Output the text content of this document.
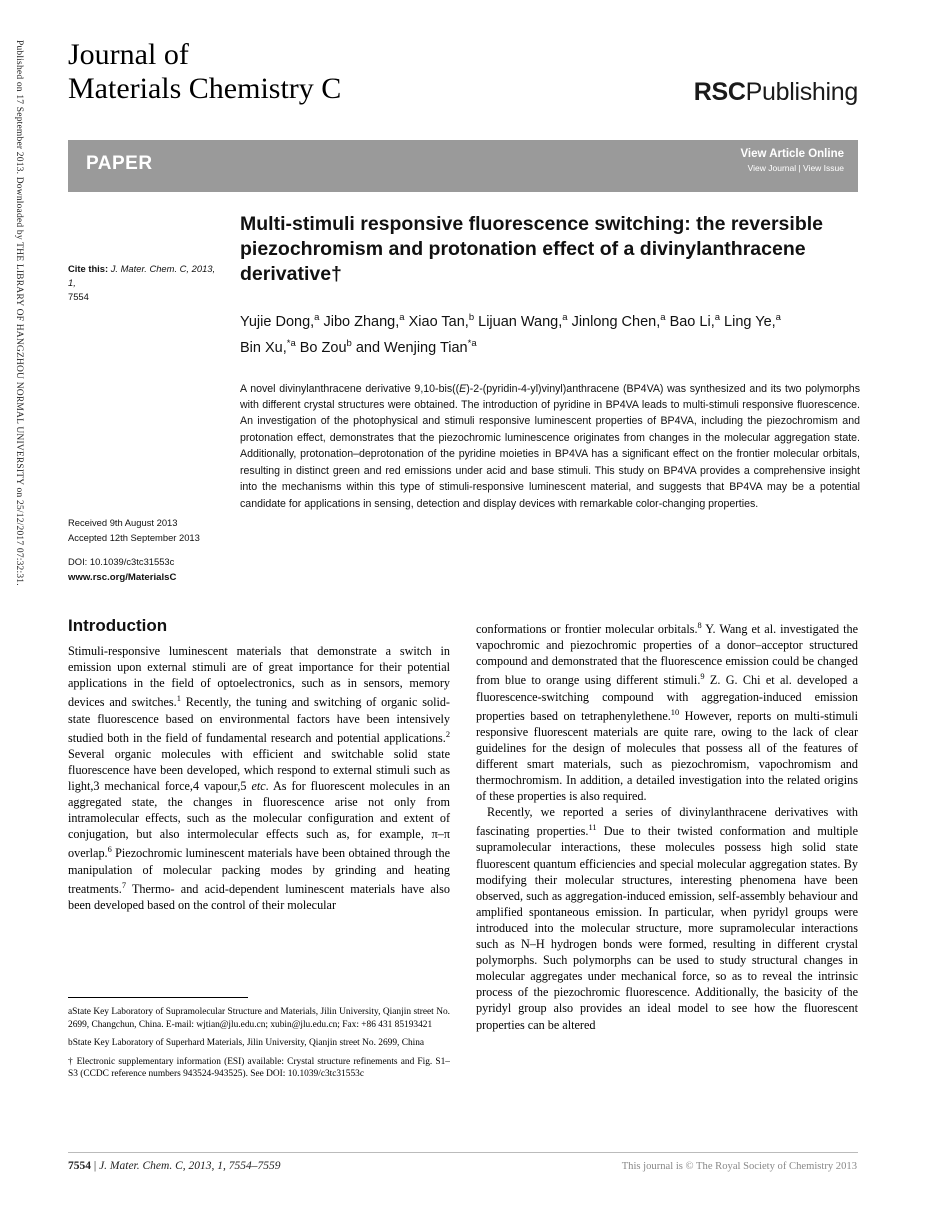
Published on 17 September 2013. Downloaded by THE LIBRARY OF HANGZHOU NORMAL UNIVERSITY on 25/12/2017 07:32:31. Journal of
Materials Chemistry C	RSCPublishing
PAPER	View Article Online
View Journal | View Issue
Cite this: J. Mater. Chem. C, 2013, 1,
7554
Received 9th August 2013
Accepted 12th September 2013
DOI: 10.1039/c3tc31553c
www.rsc.org/MaterialsC
Multi-stimuli responsive fluorescence switching: the reversible piezochromism and protonation effect of a divinylanthracene derivative†
Yujie Dong,$^a$ Jibo Zhang,$^a$ Xiao Tan,$^b$ Lijuan Wang,$^a$ Jinlong Chen,$^a$ Bao Li,$^a$ Ling Ye,$^a$
Bin Xu,$^{*a}$ Bo Zou$^b$ and Wenjing Tian$^{*a}$
A novel divinylanthracene derivative 9,10-bis((E)-2-(pyridin-4-yl)vinyl)anthracene (BP4VA) was synthesized and its two polymorphs with different crystal structures were obtained. The introduction of pyridine in BP4VA leads to multi-stimuli responsive fluorescence. An investigation of the photophysical and stimuli responsive luminescent properties of BP4VA, including the piezochromism and protonation effect, demonstrates that the piezochromic luminescence originates from changes in the molecular aggregation state. Additionally, protonation–deprotonation of the pyridine moieties in BP4VA has a significant effect on the frontier molecular orbitals, resulting in distinct green and red emissions under acid and base stimuli. This study on BP4VA provides a comprehensive insight into the mechanisms within this type of stimuli-responsive luminescent material, and suggests that BP4VA may be a potential candidate for applications in sensing, detection and display devices with remarkable color-changing properties.
Introduction

Stimuli-responsive luminescent materials that demonstrate a switch in emission upon external stimuli are of great importance for their potential applications in the field of optoelectronics, such as in sensors, memory devices and switches.$^1$ Recently, the tuning and switching of organic solid-state fluorescence based on environmental factors have been intensively studied both in the field of fundamental research and potential applications.$^2$ Several organic molecules with efficient and switchable solid state fluorescence have been developed, which respond to external stimuli such as light,3 mechanical force,4 vapour,5 etc. As for fluorescent molecules in an aggregated state, the changes in fluorescence arise not only from intramolecular effects, such as the molecular configuration and extent of conjugation, but also intermolecular effects such as, for example, π–π overlap.$^6$ Piezochromic luminescent materials have been obtained through the manipulation of molecular packing modes by grinding and heating treatments.$^7$ Thermo- and acid-dependent luminescent materials have also been developed based on the control of their molecular

conformations or frontier molecular orbitals.$^8$ Y. Wang et al. investigated the vapochromic and piezochromic properties of a donor–acceptor structured compound and demonstrated that the fluorescence emission could be changed from blue to orange using different stimuli.$^9$ Z. G. Chi et al. developed a fluorescence-switching compound with aggregation-induced emission properties based on tetraphenylethene.$^{10}$ However, reports on multi-stimuli responsive fluorescent materials are quite rare, owing to the lack of clear guidelines for the design of molecules that possess all of the features of different smart materials, such as piezochromism, vapochromism and thermochromism. In addition, a detailed investigation into the related origins of these properties is also required.

Recently, we reported a series of divinylanthracene derivatives with fascinating properties.$^{11}$ Due to their twisted conformation and multiple supramolecular interactions, these molecules possess high solid state fluorescent quantum efficiencies and special molecular aggregation states. By modifying their molecular structures, interesting phenomena have been observed, such as aggregation-induced emission, self-assembly behaviour and amplified spontaneous emission. In particular, when pyridyl groups were introduced into the molecular structure, more supramolecular interactions such as N–H hydrogen bonds were formed, resulting in different crystal polymorphs. Such polymorphs can be used to study structural changes in molecular aggregates under mechanical force, so as to reveal the intrinsic process of the piezochromic fluorescence. Additionally, the basicity of the pyridyl group also provides an ideal model to see how the fluorescent properties can be altered

aState Key Laboratory of Supramolecular Structure and Materials, Jilin University, Qianjin street No. 2699, Changchun, China. E-mail: wjtian@jlu.edu.cn; xubin@jlu.edu.cn; Fax: +86 431 85193421

bState Key Laboratory of Superhard Materials, Jilin University, Qianjin street No. 2699, China

† Electronic supplementary information (ESI) available: Crystal structure refinements and Fig. S1–S3 (CCDC reference numbers 943524-943525). See DOI: 10.1039/c3tc31553c

7554 | J. Mater. Chem. C, 2013, 1, 7554–7559	This journal is © The Royal Society of Chemistry 2013
